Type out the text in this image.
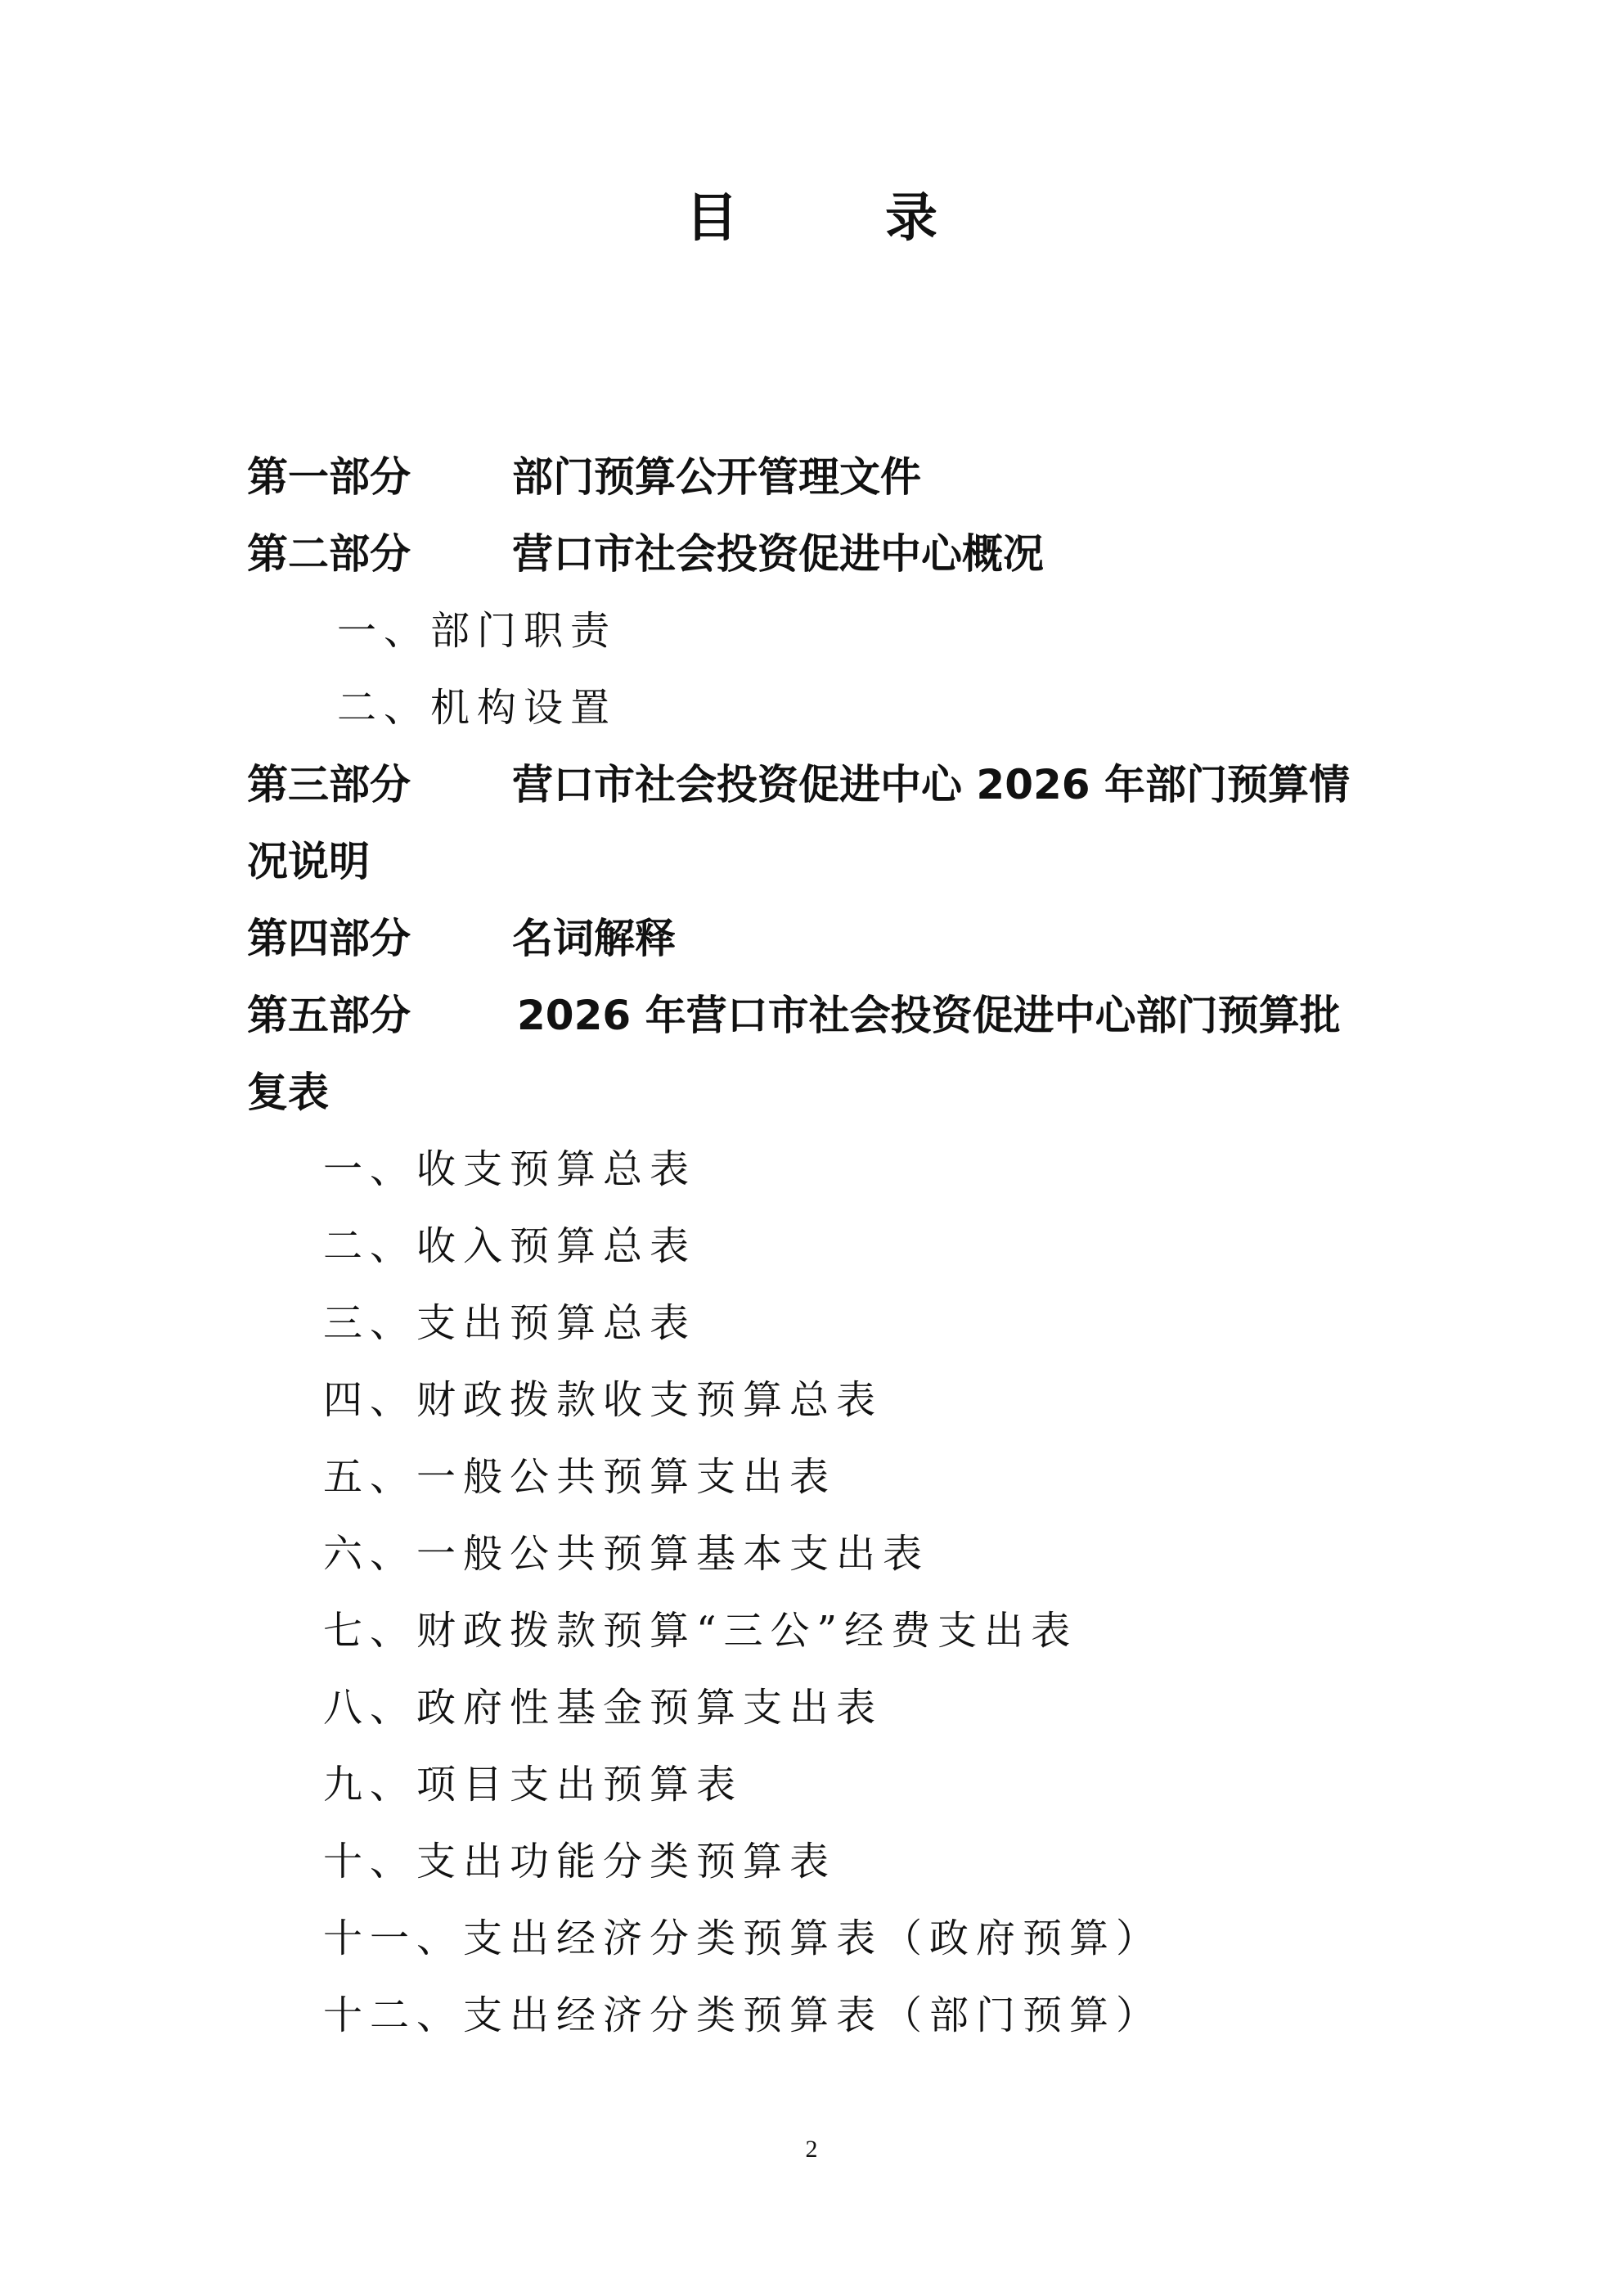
目	录
第一部分 部门预算公开管理文件
第二部分 营口市社会投资促进中心概况
一、部门职责
二、机构设置
第三部分 营口市社会投资促进中心 2026 年部门预算情
况说明
第四部分 名词解释
第五部分	2026 年营口市社会投资促进中心部门预算批
复表
一、收支预算总表
二、收入预算总表
三、支出预算总表
四、财政拨款收支预算总表
五、一般公共预算支出表
六、一般公共预算基本支出表
七、财政拨款预算“三公”经费支出表
八、政府性基金预算支出表
九、项目支出预算表
十、支出功能分类预算表
十一、支出经济分类预算表（政府预算）
十二、支出经济分类预算表（部门预算）
2
